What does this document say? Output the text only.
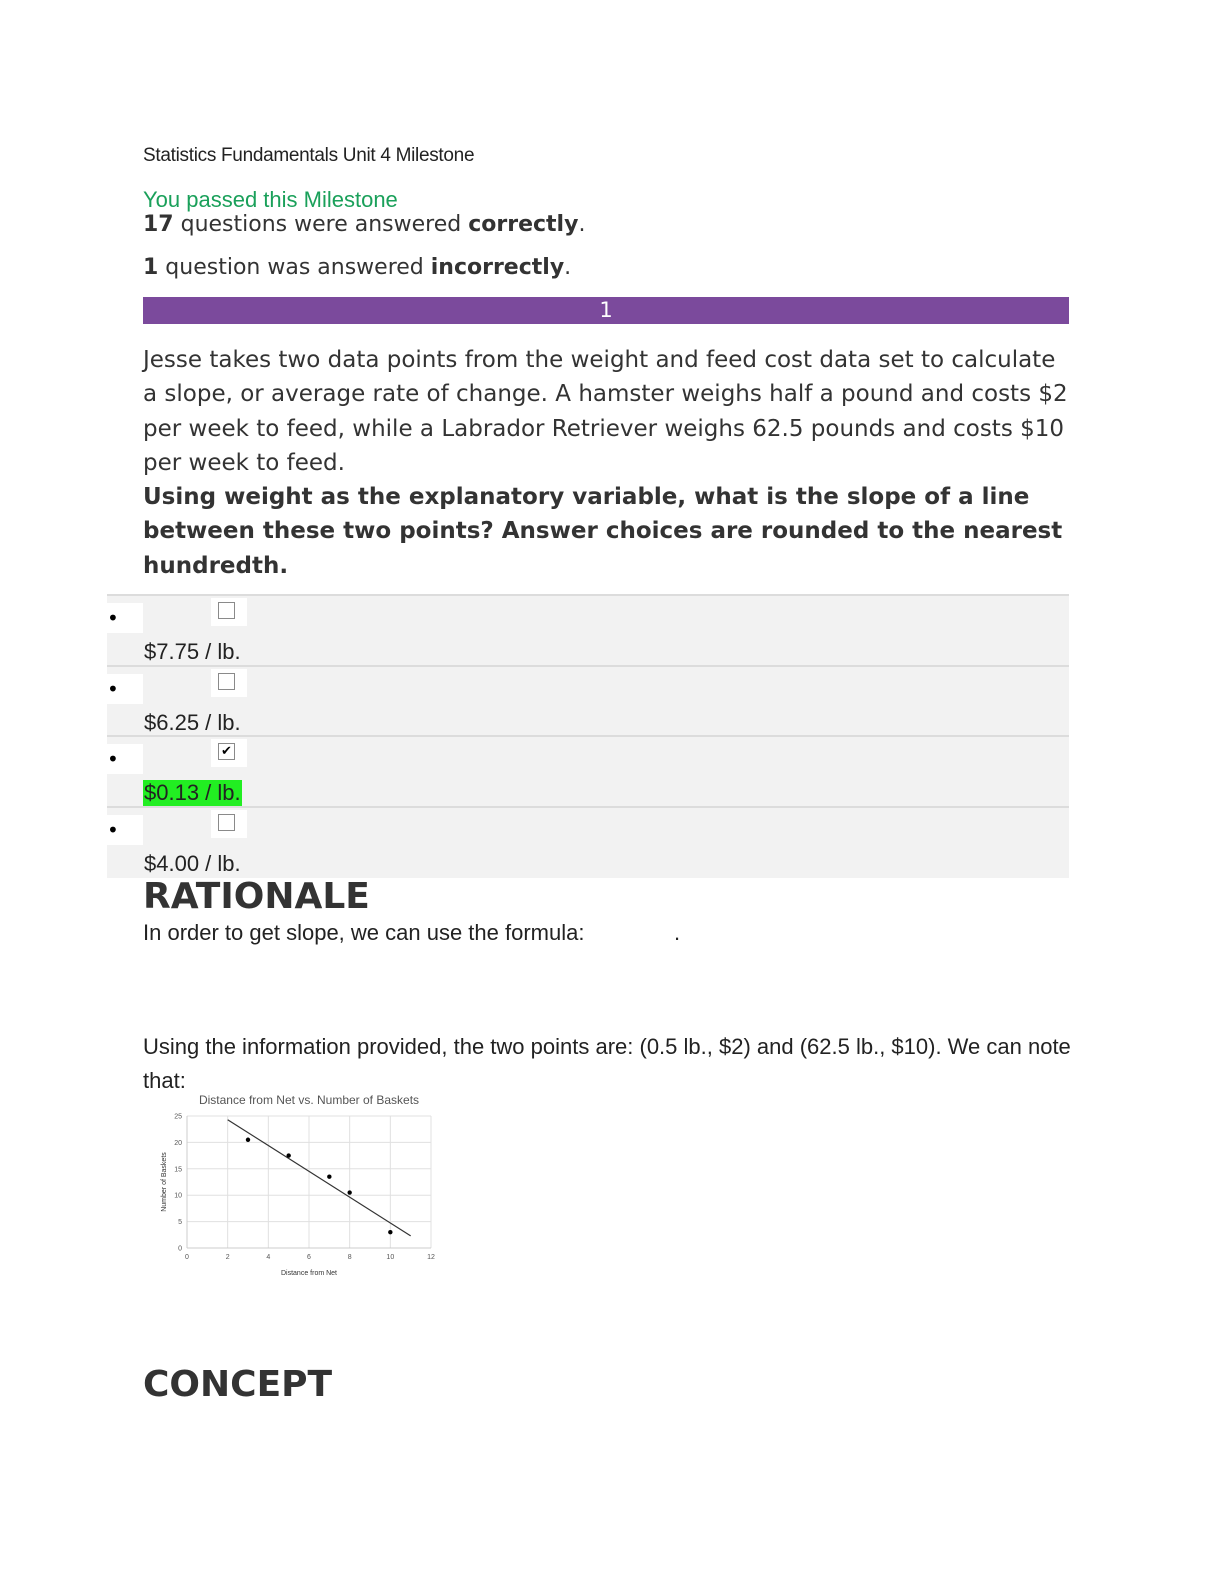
Statistics Fundamentals Unit 4 Milestone
You passed this Milestone
17 questions were answered correctly.
1 question was answered incorrectly.
1
Jesse takes two data points from the weight and feed cost data set to calculate a slope, or average rate of change. A hamster weighs half a pound and costs $2 per week to feed, while a Labrador Retriever weighs 62.5 pounds and costs $10 per week to feed.
Using weight as the explanatory variable, what is the slope of a line between these two points? Answer choices are rounded to the nearest hundredth.
•
$7.75 / lb.
•
$6.25 / lb.
•	✔
$0.13 / lb.
•
$4.00 / lb.
RATIONALE
In order to get slope, we can use the formula:	.
Using the information provided, the two points are: (0.5 lb., $2) and (62.5 lb., $10). We can note that:
Distance from Net vs. Number of Baskets
0	2	4	6	8	10	12
0
5
10
15
20
25
Distance from Net
Number of Baskets
CONCEPT
